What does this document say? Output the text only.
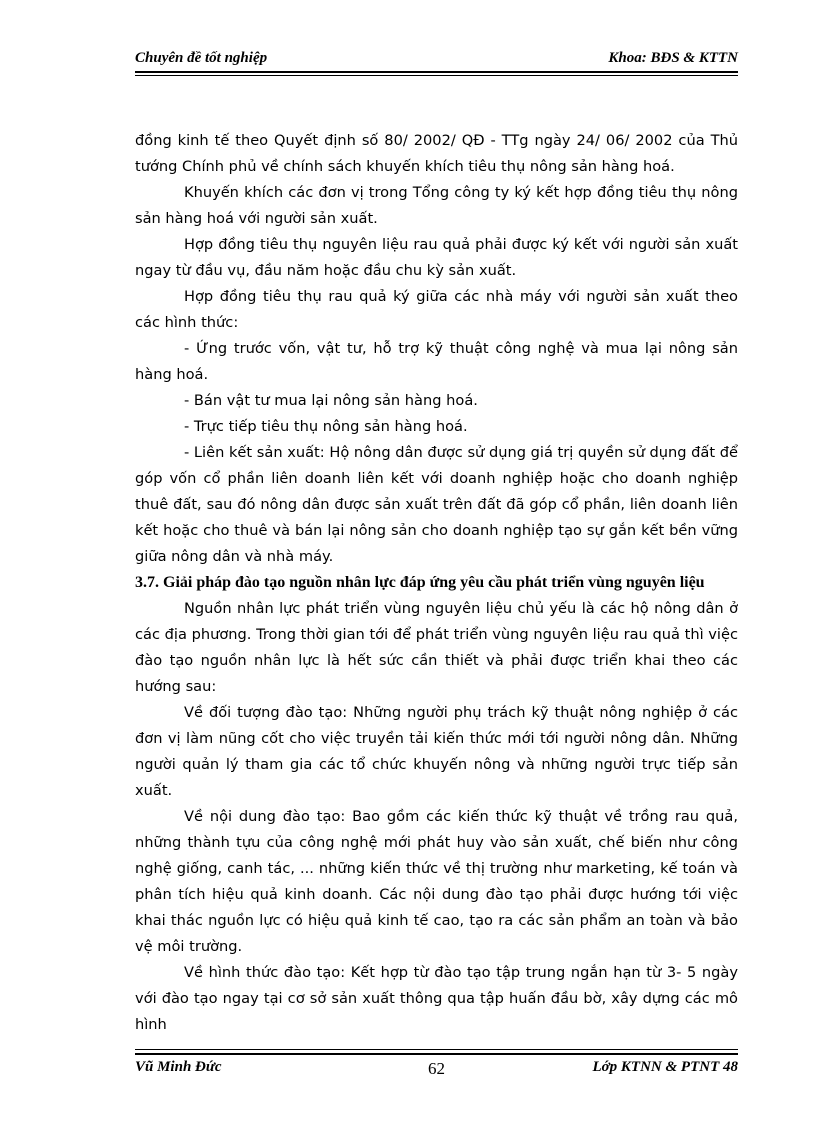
Chuyên đề tốt nghiệp	Khoa: BĐS & KTTN

đồng kinh tế theo Quyết định số 80/ 2002/ QĐ - TTg ngày 24/ 06/ 2002 của Thủ tướng Chính phủ về chính sách khuyến khích tiêu thụ nông sản hàng hoá.

Khuyến khích các đơn vị trong Tổng công ty ký kết hợp đồng tiêu thụ nông sản hàng hoá với người sản xuất.

Hợp đồng tiêu thụ nguyên liệu rau quả phải được ký kết với người sản xuất ngay từ đầu vụ, đầu năm hoặc đầu chu kỳ sản xuất.

Hợp đồng tiêu thụ rau quả ký giữa các nhà máy với người sản xuất theo các hình thức:

- Ứng trước vốn, vật tư, hỗ trợ kỹ thuật công nghệ và mua lại nông sản hàng hoá.

- Bán vật tư mua lại nông sản hàng hoá.

- Trực tiếp tiêu thụ nông sản hàng hoá.

- Liên kết sản xuất: Hộ nông dân được sử dụng giá trị quyền sử dụng đất để góp vốn cổ phần liên doanh liên kết với doanh nghiệp hoặc cho doanh nghiệp thuê đất, sau đó nông dân được sản xuất trên đất đã góp cổ phần, liên doanh liên kết hoặc cho thuê và bán lại nông sản cho doanh nghiệp tạo sự gắn kết bền vững giữa nông dân và nhà máy.

3.7. Giải pháp đào tạo nguồn nhân lực đáp ứng yêu cầu phát triển vùng nguyên liệu

Nguồn nhân lực phát triển vùng nguyên liệu chủ yếu là các hộ nông dân ở các địa phương. Trong thời gian tới để phát triển vùng nguyên liệu rau quả thì việc đào tạo nguồn nhân lực là hết sức cần thiết và phải được triển khai theo các hướng sau:

Về đối tượng đào tạo: Những người phụ trách kỹ thuật nông nghiệp ở các đơn vị làm nũng cốt cho việc truyền tải kiến thức mới tới người nông dân. Những người quản lý tham gia các tổ chức khuyến nông và những người trực tiếp sản xuất.

Về nội dung đào tạo: Bao gồm các kiến thức kỹ thuật về trồng rau quả, những thành tựu của công nghệ mới phát huy vào sản xuất, chế biến như công nghệ giống, canh tác, ... những kiến thức về thị trường như marketing, kế toán và phân tích hiệu quả kinh doanh. Các nội dung đào tạo phải được hướng tới việc khai thác nguồn lực có hiệu quả kinh tế cao, tạo ra các sản phẩm an toàn và bảo vệ môi trường.

Về hình thức đào tạo: Kết hợp từ đào tạo tập trung ngắn hạn từ 3- 5 ngày với đào tạo ngay tại cơ sở sản xuất thông qua tập huấn đầu bờ, xây dựng các mô hình

Vũ Minh Đức	62	Lớp KTNN & PTNT 48
